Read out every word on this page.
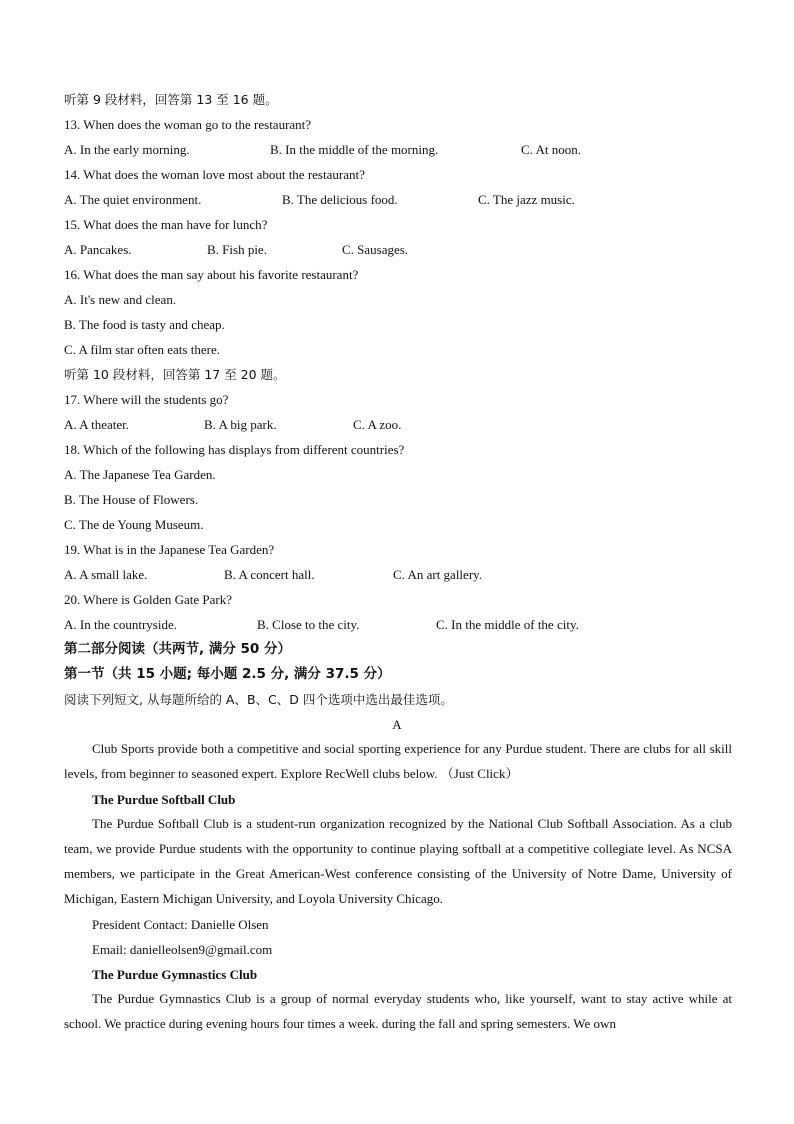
听第 9 段材料，回答第 13 至 16 题。
13. When does the woman go to the restaurant?
A. In the early morning.	B. In the middle of the morning.	C. At noon.
14. What does the woman love most about the restaurant?
A. The quiet environment.	B. The delicious food.	C. The jazz music.
15. What does the man have for lunch?
A. Pancakes.	B. Fish pie.	C. Sausages.
16. What does the man say about his favorite restaurant?
A. It's new and clean.
B. The food is tasty and cheap.
C. A film star often eats there.
听第 10 段材料，回答第 17 至 20 题。
17. Where will the students go?
A. A theater.	B. A big park.	C. A zoo.
18. Which of the following has displays from different countries?
A. The Japanese Tea Garden.
B. The House of Flowers.
C. The de Young Museum.
19. What is in the Japanese Tea Garden?
A. A small lake.	B. A concert hall.	C. An art gallery.
20. Where is Golden Gate Park?
A. In the countryside.	B. Close to the city.	C. In the middle of the city.
第二部分阅读（共两节, 满分 50 分）
第一节（共 15 小题; 每小题 2.5 分, 满分 37.5 分）
阅读下列短文, 从每题所给的 A、B、C、D 四个选项中选出最佳选项。
A

Club Sports provide both a competitive and social sporting experience for any Purdue student. There are clubs for all skill levels, from beginner to seasoned expert. Explore RecWell clubs below. （Just Click）

The Purdue Softball Club

The Purdue Softball Club is a student-run organization recognized by the National Club Softball Association. As a club team, we provide Purdue students with the opportunity to continue playing softball at a competitive collegiate level. As NCSA members, we participate in the Great American-West conference consisting of the University of Notre Dame, University of Michigan, Eastern Michigan University, and Loyola University Chicago.

President Contact: Danielle Olsen
Email: danielleolsen9@gmail.com
The Purdue Gymnastics Club

The Purdue Gymnastics Club is a group of normal everyday students who, like yourself, want to stay active while at school. We practice during evening hours four times a week. during the fall and spring semesters. We own
